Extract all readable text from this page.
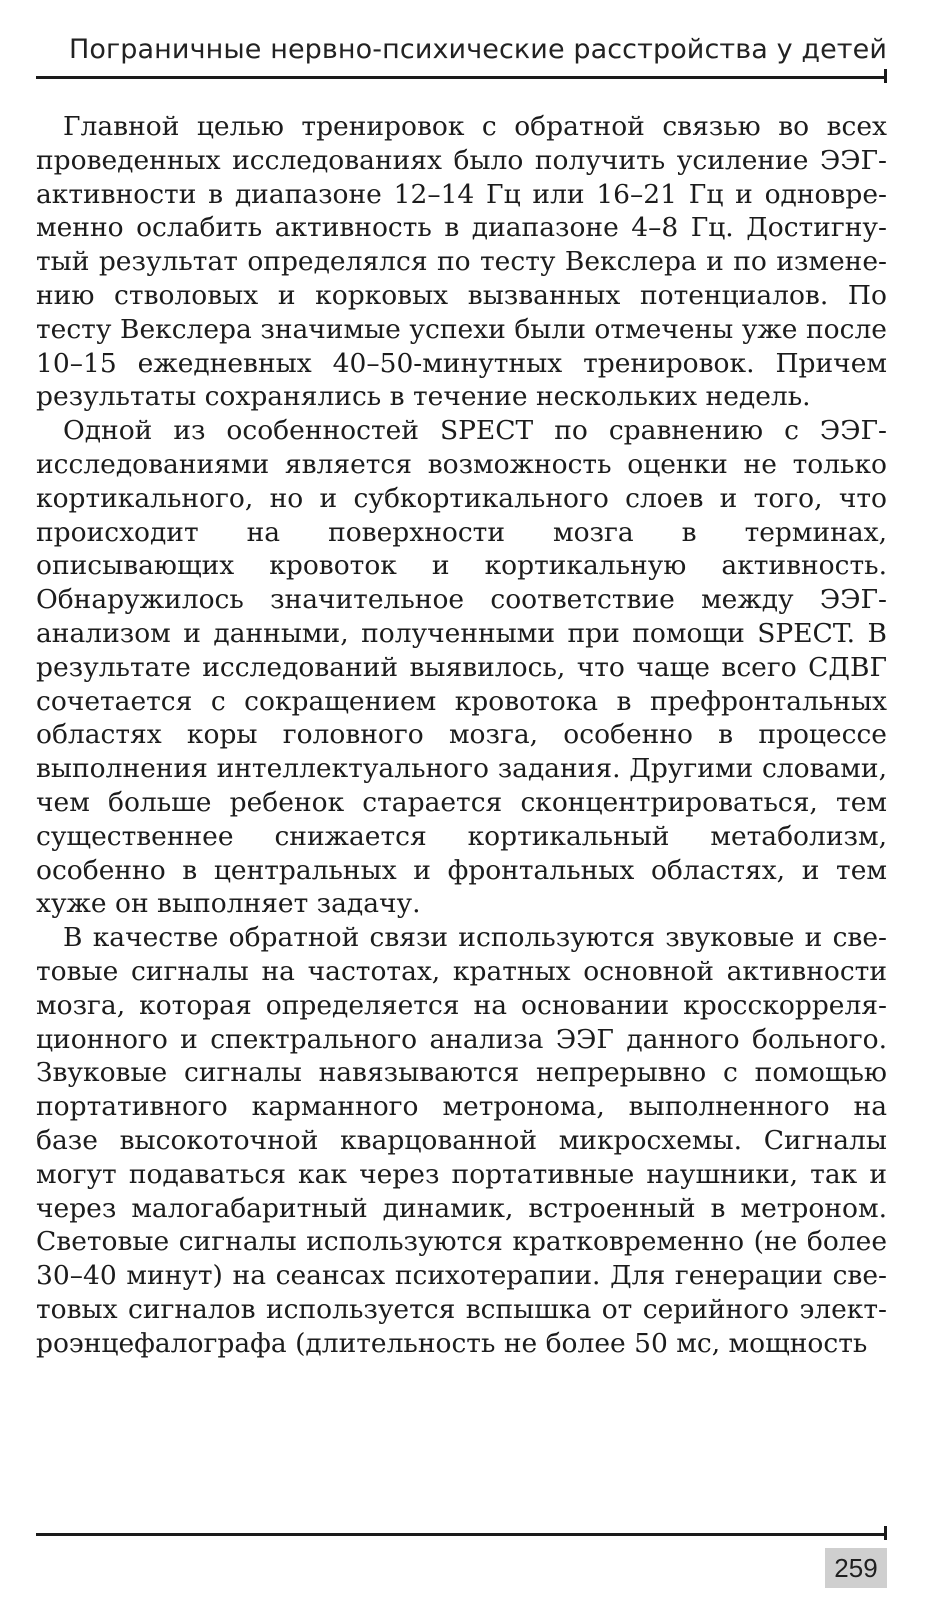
Пограничные нервно-психические расстройства у детей

Главной целью тренировок с обратной связью во всех проведенных исследованиях было получить усиление ЭЭГ-активности в диапазоне 12–14 Гц или 16–21 Гц и одновременно ослабить активность в диапазоне 4–8 Гц. Достигнутый результат определялся по тесту Векслера и по изменению стволовых и корковых вызванных потенциалов. По тесту Векслера значимые успехи были отмечены уже после 10–15 ежедневных 40–50-минутных тренировок. Причем результаты сохранялись в течение нескольких недель.

Одной из особенностей SPECT по сравнению с ЭЭГ-исследованиями является возможность оценки не только кортикального, но и субкортикального слоев и того, что происходит на поверхности мозга в терминах, описывающих кровоток и кортикальную активность. Обнаружилось значительное соответствие между ЭЭГ-анализом и данными, полученными при помощи SPECT. В результате исследований выявилось, что чаще всего СДВГ сочетается с сокращением кровотока в префронтальных областях коры головного мозга, особенно в процессе выполнения интеллектуального задания. Другими словами, чем больше ребенок старается сконцентрироваться, тем существеннее снижается кортикальный метаболизм, особенно в центральных и фронтальных областях, и тем хуже он выполняет задачу.

В качестве обратной связи используются звуковые и световые сигналы на частотах, кратных основной активности мозга, которая определяется на основании кросскорреляционного и спектрального анализа ЭЭГ данного больного. Звуковые сигналы навязываются непрерывно с помощью портативного карманного метронома, выполненного на базе высокоточной кварцованной микросхемы. Сигналы могут подаваться как через портативные наушники, так и через малогабаритный динамик, встроенный в метроном. Световые сигналы используются кратковременно (не более 30–40 минут) на сеансах психотерапии. Для генерации световых сигналов используется вспышка от серийного электроэнцефалографа (длительность не более 50 мс, мощность

259
